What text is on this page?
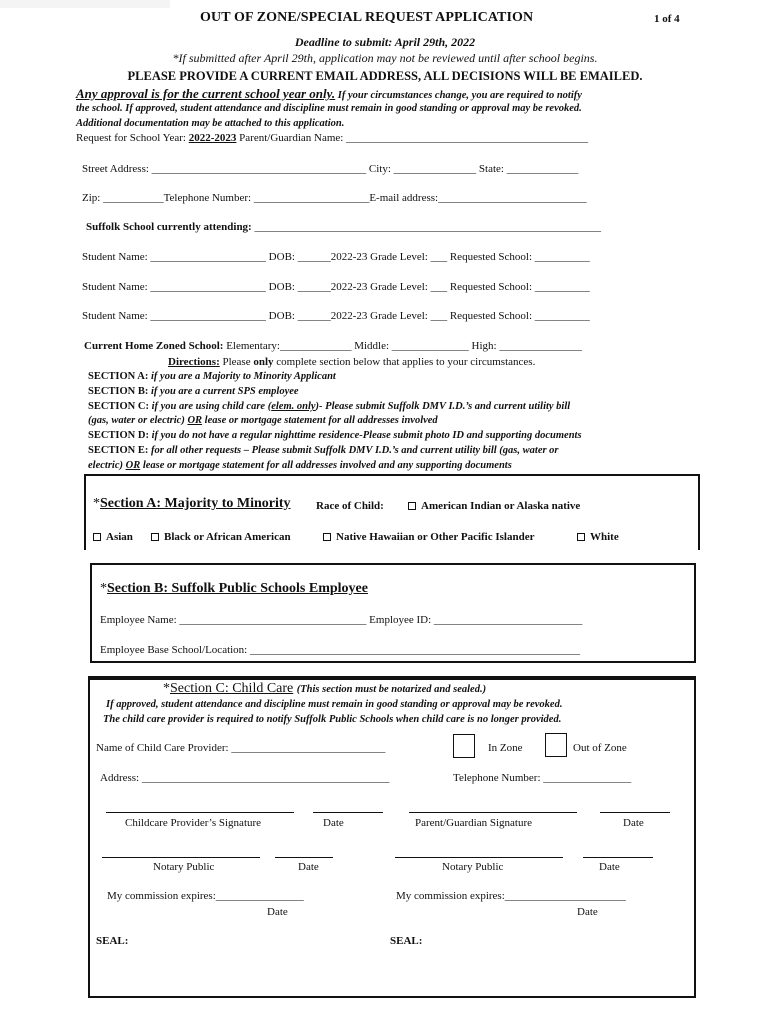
OUT OF ZONE/SPECIAL REQUEST APPLICATION	1 of 4
Deadline to submit: April 29th, 2022
*If submitted after April 29th, application may not be reviewed until after school begins.
PLEASE PROVIDE A CURRENT EMAIL ADDRESS, ALL DECISIONS WILL BE EMAILED.
Any approval is for the current school year only. If your circumstances change, you are required to notify
the school. If approved, student attendance and discipline must remain in good standing or approval may be revoked.
Additional documentation may be attached to this application.
Request for School Year: 2022-2023 Parent/Guardian Name: ____________________________________________
Street Address: _______________________________________ City: _______________ State: _____________
Zip: ___________Telephone Number: _____________________E-mail address:___________________________
Suffolk School currently attending: _______________________________________________________________
Student Name: _____________________ DOB: ______2022-23 Grade Level: ___ Requested School: __________
Student Name: _____________________ DOB: ______2022-23 Grade Level: ___ Requested School: __________
Student Name: _____________________ DOB: ______2022-23 Grade Level: ___ Requested School: __________
Current Home Zoned School: Elementary:_____________ Middle: ______________ High: _______________
Directions: Please only complete section below that applies to your circumstances.
SECTION A: if you are a Majority to Minority Applicant
SECTION B: if you are a current SPS employee
SECTION C: if you are using child care (elem. only)- Please submit Suffolk DMV I.D.’s and current utility bill
(gas, water or electric) OR lease or mortgage statement for all addresses involved
SECTION D: if you do not have a regular nighttime residence-Please submit photo ID and supporting documents
SECTION E: for all other requests – Please submit Suffolk DMV I.D.’s and current utility bill (gas, water or
electric) OR lease or mortgage statement for all addresses involved and any supporting documents
*Section A: Majority to Minority Race of Child:	American Indian or Alaska native
Asian	Black or African American	Native Hawaiian or Other Pacific Islander	White
*Section B: Suffolk Public Schools Employee
Employee Name: __________________________________ Employee ID: ___________________________
Employee Base School/Location: ____________________________________________________________
*Section C: Child Care (This section must be notarized and sealed.)
If approved, student attendance and discipline must remain in good standing or approval may be revoked.
The child care provider is required to notify Suffolk Public Schools when child care is no longer provided.
Name of Child Care Provider: ____________________________	In Zone	Out of Zone
Address: _____________________________________________	Telephone Number: ________________
Childcare Provider’s Signature	Date	Parent/Guardian Signature	Date
Notary Public	Date	Notary Public	Date
My commission expires:________________	My commission expires:______________________
Date	Date
SEAL:	SEAL:
